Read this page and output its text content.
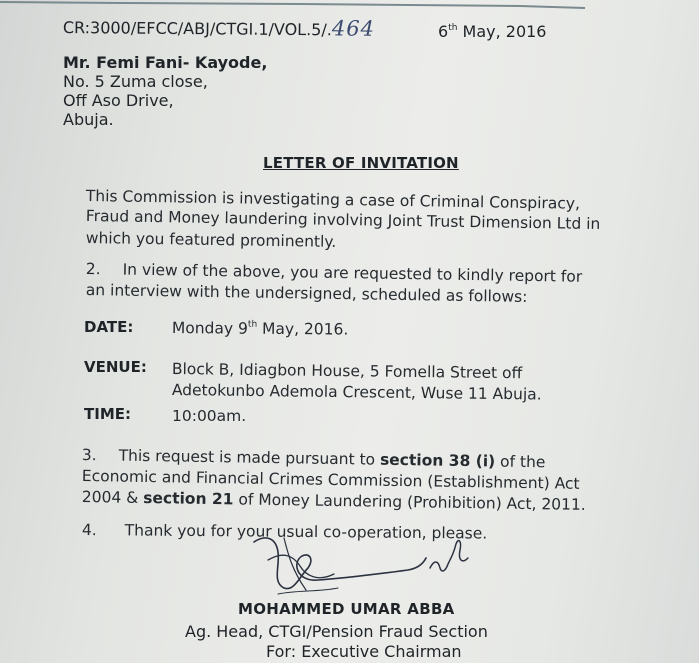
CR:3000/EFCC/ABJ/CTGI.1/VOL.5/.464	6th May, 2016
Mr. Femi Fani- Kayode,
No. 5 Zuma close,
Off Aso Drive,
Abuja.
LETTER OF INVITATION
This Commission is investigating a case of Criminal Conspiracy,
Fraud and Money laundering involving Joint Trust Dimension Ltd in
which you featured prominently.
2. In view of the above, you are requested to kindly report for
an interview with the undersigned, scheduled as follows:
DATE: Monday 9th May, 2016.
VENUE: Block B, Idiagbon House, 5 Fomella Street off
Adetokunbo Ademola Crescent, Wuse 11 Abuja.
TIME:	10:00am.
3. This request is made pursuant to section 38 (i) of the
Economic and Financial Crimes Commission (Establishment) Act
2004 & section 21 of Money Laundering (Prohibition) Act, 2011.
4. Thank you for your usual co-operation, please.
MOHAMMED UMAR ABBA
Ag. Head, CTGI/Pension Fraud Section
For: Executive Chairman
